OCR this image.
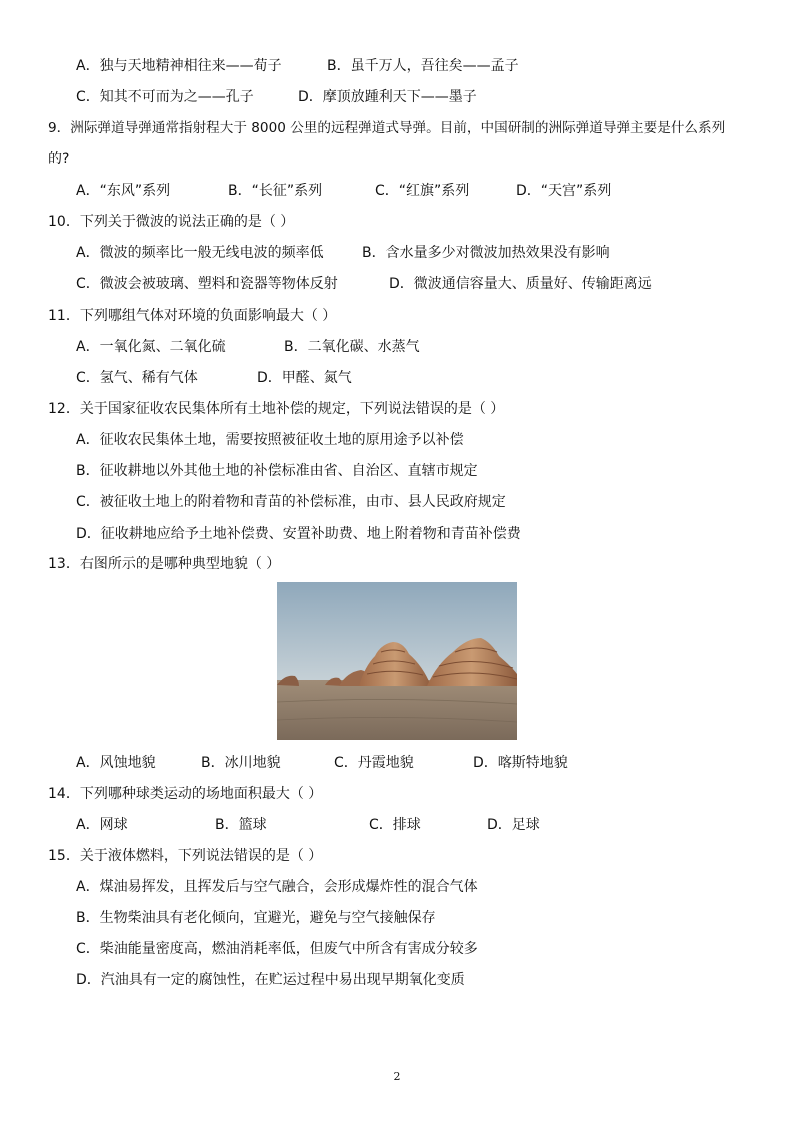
A．独与天地精神相往来——荀子	B．虽千万人，吾往矣——孟子
C．知其不可而为之——孔子	D．摩顶放踵利天下——墨子
9．洲际弹道导弹通常指射程大于 8000 公里的远程弹道式导弹。目前，中国研制的洲际弹道导弹主要是什么系列
的?
A．“东风”系列	B．“长征”系列	C．“红旗”系列	D．“天宫”系列
10．下列关于微波的说法正确的是（ ）
A．微波的频率比一般无线电波的频率低	B．含水量多少对微波加热效果没有影响
C．微波会被玻璃、塑料和瓷器等物体反射	D．微波通信容量大、质量好、传输距离远
11．下列哪组气体对环境的负面影响最大（ ）
A．一氧化氮、二氧化硫	B．二氧化碳、水蒸气
C．氢气、稀有气体	D．甲醛、氮气
12．关于国家征收农民集体所有土地补偿的规定，下列说法错误的是（ ）
A．征收农民集体土地，需要按照被征收土地的原用途予以补偿
B．征收耕地以外其他土地的补偿标准由省、自治区、直辖市规定
C．被征收土地上的附着物和青苗的补偿标准，由市、县人民政府规定
D．征收耕地应给予土地补偿费、安置补助费、地上附着物和青苗补偿费
13．右图所示的是哪种典型地貌（ ）
A．风蚀地貌	B．冰川地貌	C．丹霞地貌	D．喀斯特地貌
14．下列哪种球类运动的场地面积最大（ ）
A．网球	B．篮球	C．排球	D．足球
15．关于液体燃料，下列说法错误的是（ ）
A．煤油易挥发，且挥发后与空气融合，会形成爆炸性的混合气体
B．生物柴油具有老化倾向，宜避光，避免与空气接触保存
C．柴油能量密度高，燃油消耗率低，但废气中所含有害成分较多
D．汽油具有一定的腐蚀性，在贮运过程中易出现早期氧化变质
2
